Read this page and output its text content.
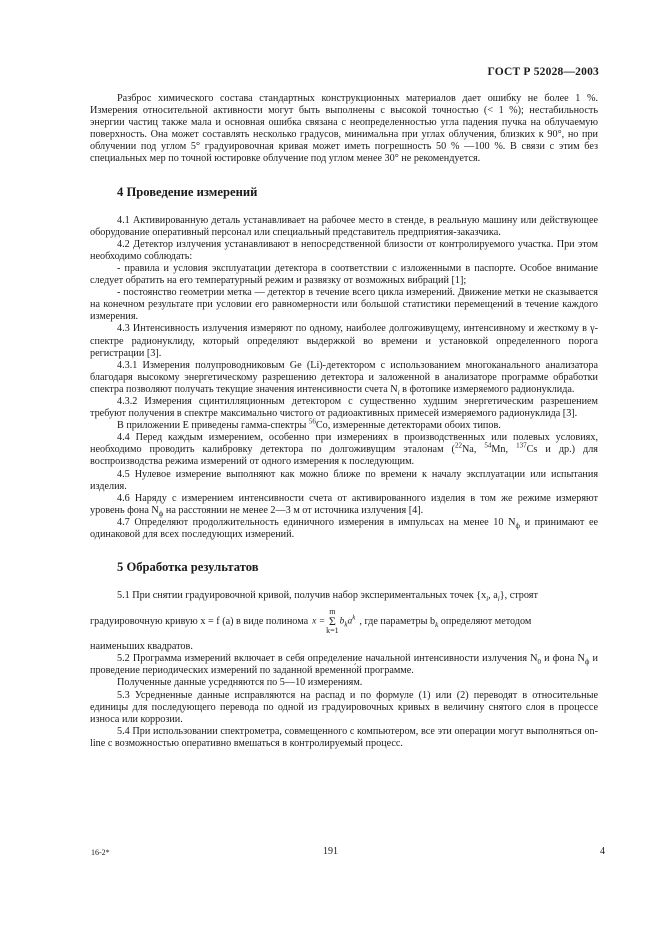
ГОСТ Р 52028—2003

Разброс химического состава стандартных конструкционных материалов дает ошибку не более 1 %. Измерения относительной активности могут быть выполнены с высокой точностью (< 1 %); нестабильность энергии частиц также мала и основная ошибка связана с неопределенностью угла падения пучка на облучаемую поверхность. Она может составлять несколько градусов, минимальна при углах облучения, близких к 90°, но при облучении под углом 5° градуировочная кривая может иметь погрешность 50 % —100 %. В связи с этим без специальных мер по точной юстировке облучение под углом менее 30° не рекомендуется.

4 Проведение измерений

4.1 Активированную деталь устанавливает на рабочее место в стенде, в реальную машину или действующее оборудование оперативный персонал или специальный представитель предприятия-заказчика.

4.2 Детектор излучения устанавливают в непосредственной близости от контролируемого участка. При этом необходимо соблюдать:

- правила и условия эксплуатации детектора в соответствии с изложенными в паспорте. Особое внимание следует обратить на его температурный режим и развязку от возможных вибраций [1];

- постоянство геометрии метка — детектор в течение всего цикла измерений. Движение метки не сказывается на конечном результате при условии его равномерности или большой статистики перемещений в течение каждого измерения.

4.3 Интенсивность излучения измеряют по одному, наиболее долгоживущему, интенсивному и жесткому в γ-спектре радионуклиду, который определяют выдержкой во времени и установкой определенного порога регистрации [3].

4.3.1 Измерения полупроводниковым Ge (Li)-детектором с использованием многоканального анализатора благодаря высокому энергетическому разрешению детектора и заложенной в анализаторе программе обработки спектра позволяют получать текущие значения интенсивности счета $N_i$ в фотопике измеряемого радионуклида.

4.3.2 Измерения сцинтилляционным детектором с существенно худшим энергетическим разрешением требуют получения в спектре максимально чистого от радиоактивных примесей измеряемого радионуклида [3].

В приложении Е приведены гамма-спектры $^{56}$Co, измеренные детекторами обоих типов.

4.4 Перед каждым измерением, особенно при измерениях в производственных или полевых условиях, необходимо проводить калибровку детектора по долгоживущим эталонам ($^{22}$Na, $^{54}$Mn, $^{137}$Cs и др.) для воспроизводства режима измерений от одного измерения к последующим.

4.5 Нулевое измерение выполняют как можно ближе по времени к началу эксплуатации или испытания изделия.

4.6 Наряду с измерением интенсивности счета от активированного изделия в том же режиме измеряют уровень фона $N_ф$ на расстоянии не менее 2—3 м от источника излучения [4].

4.7 Определяют продолжительность единичного измерения в импульсах на менее 10 $N_ф$ и принимают ее одинаковой для всех последующих измерений.

5 Обработка результатов

5.1 При снятии градуировочной кривой, получив набор экспериментальных точек {$x_i$, $a_i$}, строят

градуировочную кривую x = f (a) в виде полинома x =m
Σ
$k=1b_ka^k$ , где параметры $b_k$ определяют методом

наименьших квадратов.

5.2 Программа измерений включает в себя определение начальной интенсивности излучения $N_0$ и фона $N_ф$ и проведение периодических измерений по заданной временно́й программе.

Полученные данные усредняются по 5—10 измерениям.

5.3 Усредненные данные исправляются на распад и по формуле (1) или (2) переводят в относительные единицы для последующего перевода по одной из градуировочных кривых в величину снятого слоя в процессе износа или коррозии.

5.4 При использовании спектрометра, совмещенного с компьютером, все эти операции могут выполняться on-line с возможностью оперативно вмешаться в контролируемый процесс.

16-2*	191	4
